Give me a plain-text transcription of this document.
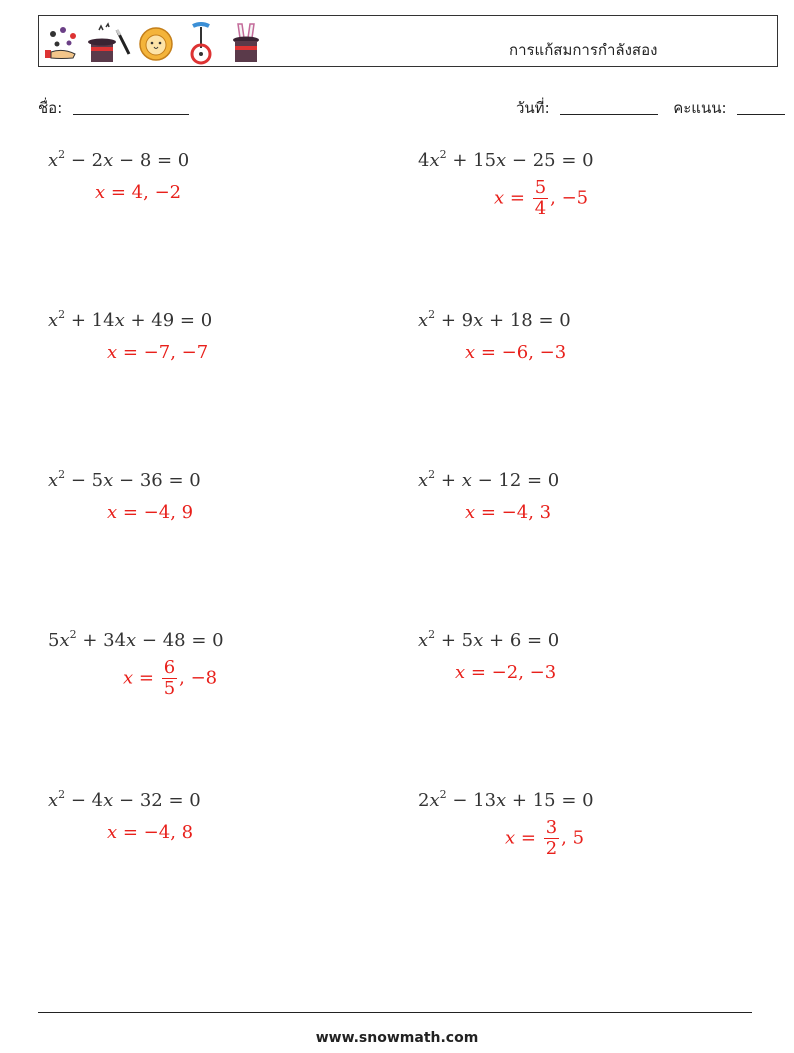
การแก้สมการกำลังสอง
ชื่อ:	วันที่:	คะแนน:
$x^2 - 2x - 8 = 0$
x = 4, −2
$4x^2 + 15x - 25 = 0$
$x = \frac{5}{4}$ , −5
$x^2 + 14x + 49 = 0$
x = −7, −7
$x^2 + 9x + 18 = 0$
x = −6, −3
$x^2 - 5x - 36 = 0$
x = −4, 9
$x^2 + x - 12 = 0$
x = −4, 3
$5x^2 + 34x - 48 = 0$
$x = \frac{6}{5}$ , −8
$x^2 + 5x + 6 = 0$
x = −2, −3
$x^2 - 4x - 32 = 0$
x = −4, 8
$2x^2 - 13x + 15 = 0$
$x = \frac{3}{2}$ , 5
www.snowmath.com
